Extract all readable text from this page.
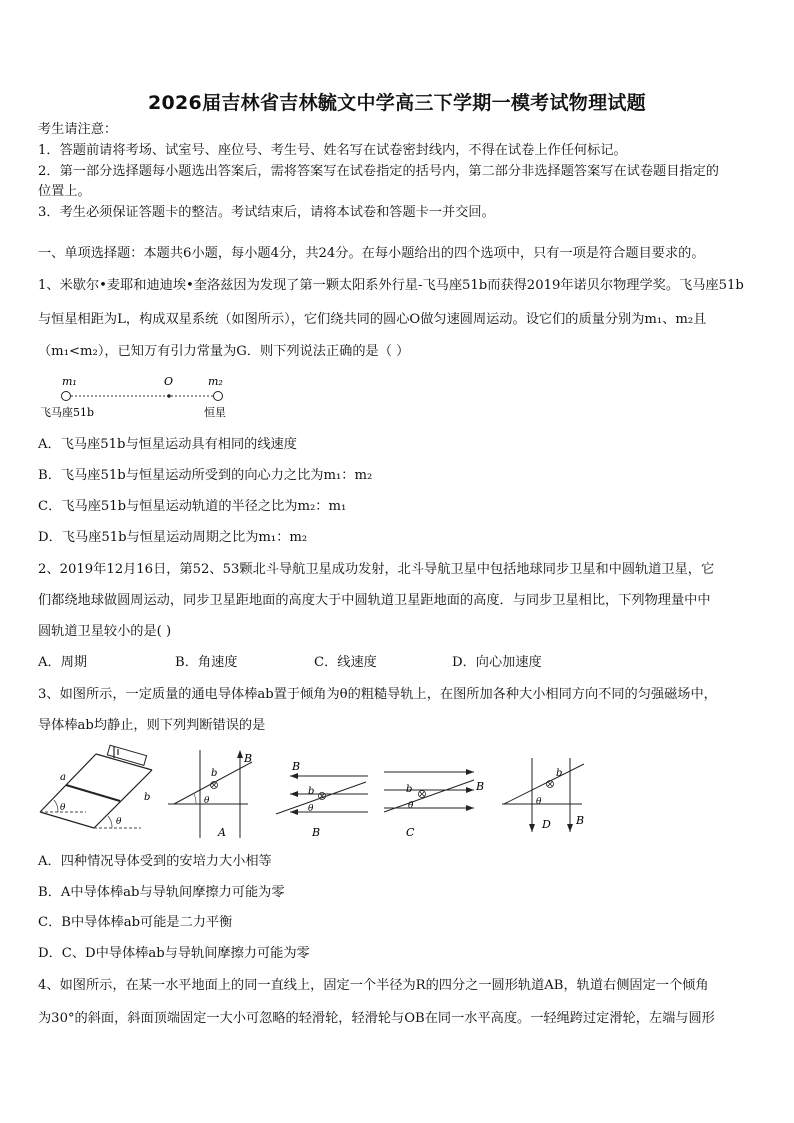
2026届吉林省吉林毓文中学高三下学期一模考试物理试题
考生请注意：
1．答题前请将考场、试室号、座位号、考生号、姓名写在试卷密封线内，不得在试卷上作任何标记。
2．第一部分选择题每小题选出答案后，需将答案写在试卷指定的括号内，第二部分非选择题答案写在试卷题目指定的
位置上。
3．考生必须保证答题卡的整洁。考试结束后，请将本试卷和答题卡一并交回。
一、单项选择题：本题共6小题，每小题4分，共24分。在每小题给出的四个选项中，只有一项是符合题目要求的。
1、米歇尔•麦耶和迪迪埃•奎洛兹因为发现了第一颗太阳系外行星-飞马座51b而获得2019年诺贝尔物理学奖。飞马座51b
与恒星相距为L，构成双星系统（如图所示），它们绕共同的圆心O做匀速圆周运动。设它们的质量分别为m₁、m₂且
（m₁<m₂），已知万有引力常量为G．则下列说法正确的是（ ）
m₁	O	m₂
飞马座51b	恒星
A．飞马座51b与恒星运动具有相同的线速度
B．飞马座51b与恒星运动所受到的向心力之比为m₁：m₂
C．飞马座51b与恒星运动轨道的半径之比为m₂：m₁
D．飞马座51b与恒星运动周期之比为m₁：m₂
2、2019年12月16日，第52、53颗北斗导航卫星成功发射，北斗导航卫星中包括地球同步卫星和中圆轨道卫星，它
们都绕地球做圆周运动，同步卫星距地面的高度大于中圆轨道卫星距地面的高度．与同步卫星相比，下列物理量中中
圆轨道卫星较小的是( )
A．周期	B．角速度	C．线速度	D．向心加速度
3、如图所示，一定质量的通电导体棒ab置于倾角为θ的粗糙导轨上，在图所加各种大小相同方向不同的匀强磁场中，
导体棒ab均静止，则下列判断错误的是
a
b
θ
θ
b
θ
B
A
B
b
θ
B
b
θ
B
C
b
θ
D B
A．四种情况导体受到的安培力大小相等
B．A中导体棒ab与导轨间摩擦力可能为零
C．B中导体棒ab可能是二力平衡
D．C、D中导体棒ab与导轨间摩擦力可能为零
4、如图所示，在某一水平地面上的同一直线上，固定一个半径为R的四分之一圆形轨道AB，轨道右侧固定一个倾角
为30°的斜面，斜面顶端固定一大小可忽略的轻滑轮，轻滑轮与OB在同一水平高度。一轻绳跨过定滑轮，左端与圆形
